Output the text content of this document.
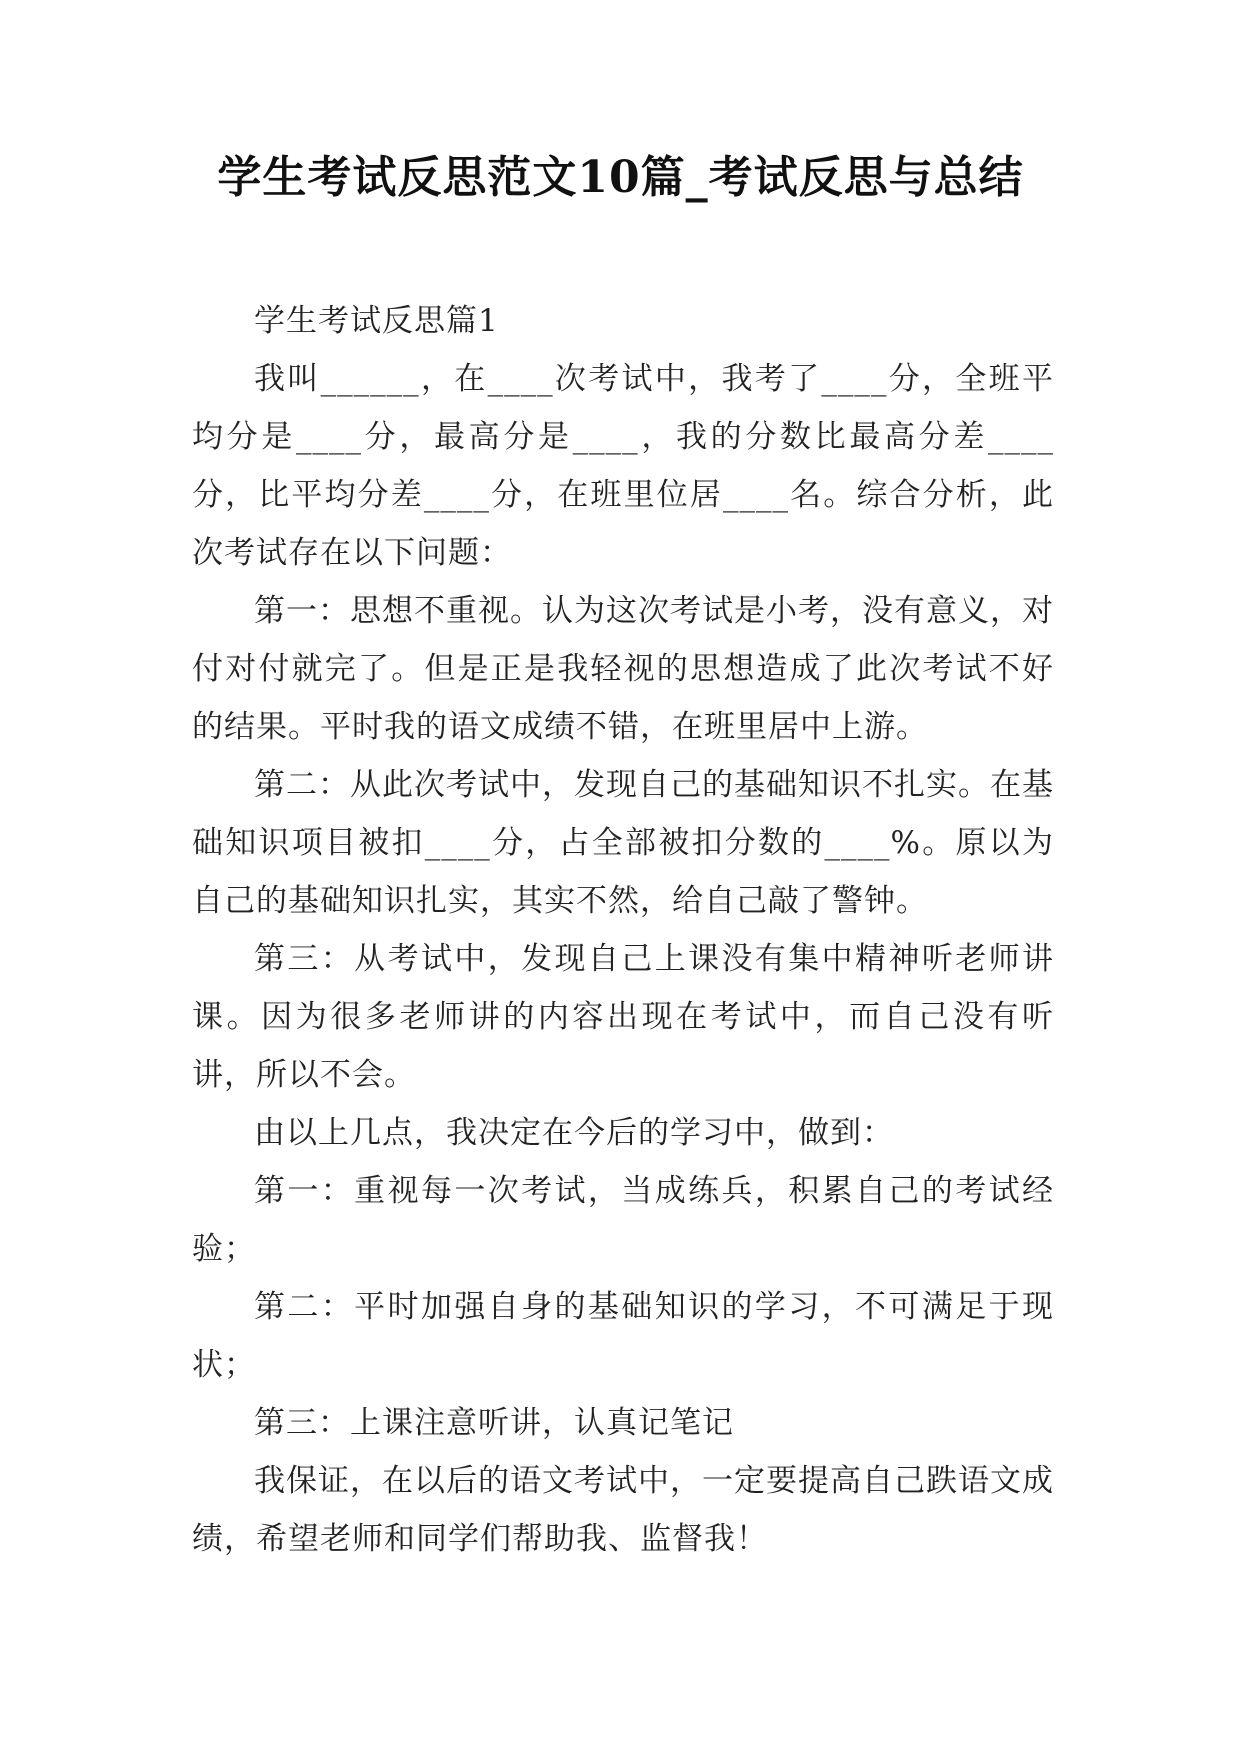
学生考试反思范文10篇_考试反思与总结

学生考试反思篇1

我叫______，在____次考试中，我考了____分，全班平均分是____分，最高分是____，我的分数比最高分差____分，比平均分差____分，在班里位居____名。综合分析，此次考试存在以下问题：

第一：思想不重视。认为这次考试是小考，没有意义，对付对付就完了。但是正是我轻视的思想造成了此次考试不好的结果。平时我的语文成绩不错，在班里居中上游。

第二：从此次考试中，发现自己的基础知识不扎实。在基础知识项目被扣____分，占全部被扣分数的____%。原以为自己的基础知识扎实，其实不然，给自己敲了警钟。

第三：从考试中，发现自己上课没有集中精神听老师讲课。因为很多老师讲的内容出现在考试中，而自己没有听讲，所以不会。

由以上几点，我决定在今后的学习中，做到：

第一：重视每一次考试，当成练兵，积累自己的考试经验；

第二：平时加强自身的基础知识的学习，不可满足于现状；

第三：上课注意听讲，认真记笔记

我保证，在以后的语文考试中，一定要提高自己跌语文成绩，希望老师和同学们帮助我、监督我！
